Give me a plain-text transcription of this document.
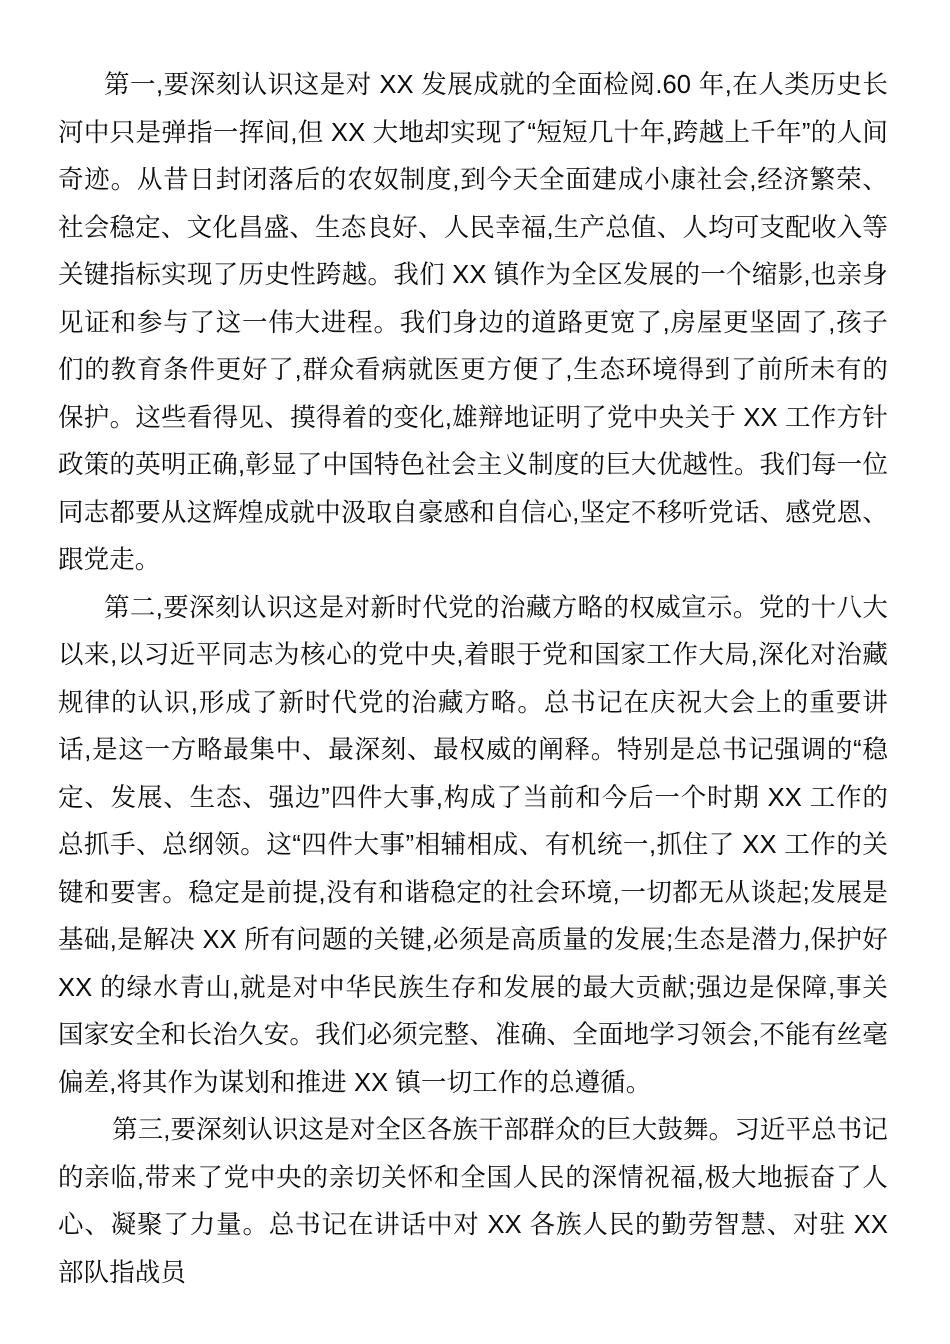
第一,要深刻认识这是对 XX 发展成就的全面检阅.60 年,在人类历史长河中只是弹指一挥间,但 XX 大地却实现了“短短几十年,跨越上千年”的人间奇迹。从昔日封闭落后的农奴制度,到今天全面建成小康社会,经济繁荣、社会稳定、文化昌盛、生态良好、人民幸福,生产总值、人均可支配收入等关键指标实现了历史性跨越。我们 XX 镇作为全区发展的一个缩影,也亲身见证和参与了这一伟大进程。我们身边的道路更宽了,房屋更坚固了,孩子们的教育条件更好了,群众看病就医更方便了,生态环境得到了前所未有的保护。这些看得见、摸得着的变化,雄辩地证明了党中央关于 XX 工作方针政策的英明正确,彰显了中国特色社会主义制度的巨大优越性。我们每一位同志都要从这辉煌成就中汲取自豪感和自信心,坚定不移听党话、感党恩、跟党走。

第二,要深刻认识这是对新时代党的治藏方略的权威宣示。党的十八大以来,以习近平同志为核心的党中央,着眼于党和国家工作大局,深化对治藏规律的认识,形成了新时代党的治藏方略。总书记在庆祝大会上的重要讲话,是这一方略最集中、最深刻、最权威的阐释。特别是总书记强调的“稳定、发展、生态、强边”四件大事,构成了当前和今后一个时期 XX 工作的总抓手、总纲领。这“四件大事”相辅相成、有机统一,抓住了 XX 工作的关键和要害。稳定是前提,没有和谐稳定的社会环境,一切都无从谈起;发展是基础,是解决 XX 所有问题的关键,必须是高质量的发展;生态是潜力,保护好 XX 的绿水青山,就是对中华民族生存和发展的最大贡献;强边是保障,事关国家安全和长治久安。我们必须完整、准确、全面地学习领会,不能有丝毫偏差,将其作为谋划和推进 XX 镇一切工作的总遵循。

第三,要深刻认识这是对全区各族干部群众的巨大鼓舞。习近平总书记的亲临,带来了党中央的亲切关怀和全国人民的深情祝福,极大地振奋了人心、凝聚了力量。总书记在讲话中对 XX 各族人民的勤劳智慧、对驻 XX 部队指战员
